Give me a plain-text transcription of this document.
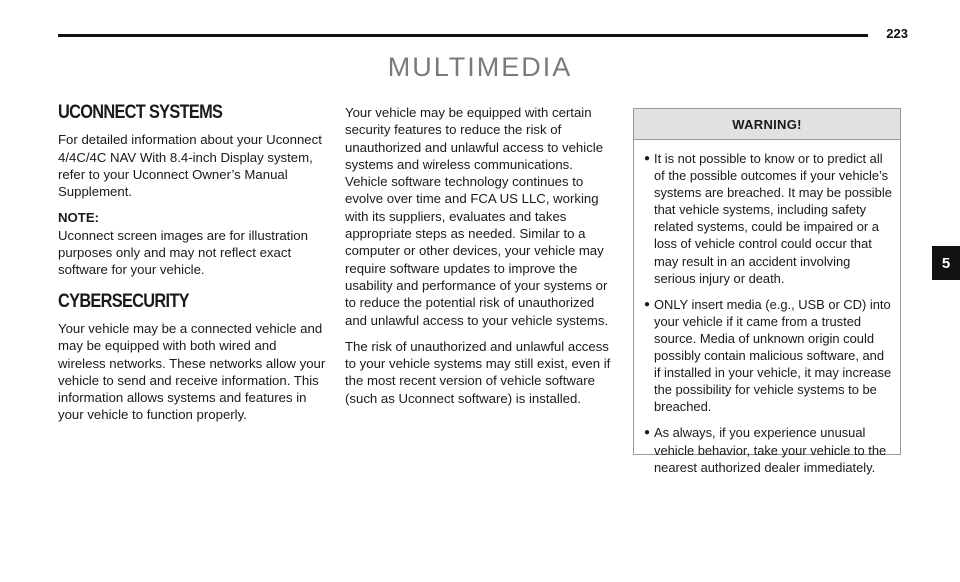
223
MULTIMEDIA
5
UCONNECT SYSTEMS

For detailed information about your Uconnect 4/4C/4C NAV With 8.4-inch Display system, refer to your Uconnect Owner’s Manual Supplement.

NOTE:

Uconnect screen images are for illustration purposes only and may not reflect exact software for your vehicle.

CYBERSECURITY

Your vehicle may be a connected vehicle and may be equipped with both wired and wireless networks. These networks allow your vehicle to send and receive information. This information allows systems and features in your vehicle to function properly.

Your vehicle may be equipped with certain security features to reduce the risk of unauthorized and unlawful access to vehicle systems and wireless communications. Vehicle software technology continues to evolve over time and FCA US LLC, working with its suppliers, evaluates and takes appropriate steps as needed. Similar to a computer or other devices, your vehicle may require software updates to improve the usability and performance of your systems or to reduce the potential risk of unauthorized and unlawful access to your vehicle systems.

The risk of unauthorized and unlawful access to your vehicle systems may still exist, even if the most recent version of vehicle software (such as Uconnect software) is installed.

WARNING!
● It is not possible to know or to predict all of the possible outcomes if your vehicle’s systems are breached. It may be possible that vehicle systems, including safety related systems, could be impaired or a loss of vehicle control could occur that may result in an accident involving serious injury or death.
● ONLY insert media (e.g., USB or CD) into your vehicle if it came from a trusted source. Media of unknown origin could possibly contain malicious software, and if installed in your vehicle, it may increase the possibility for vehicle systems to be breached.
● As always, if you experience unusual vehicle behavior, take your vehicle to the nearest authorized dealer immediately.
